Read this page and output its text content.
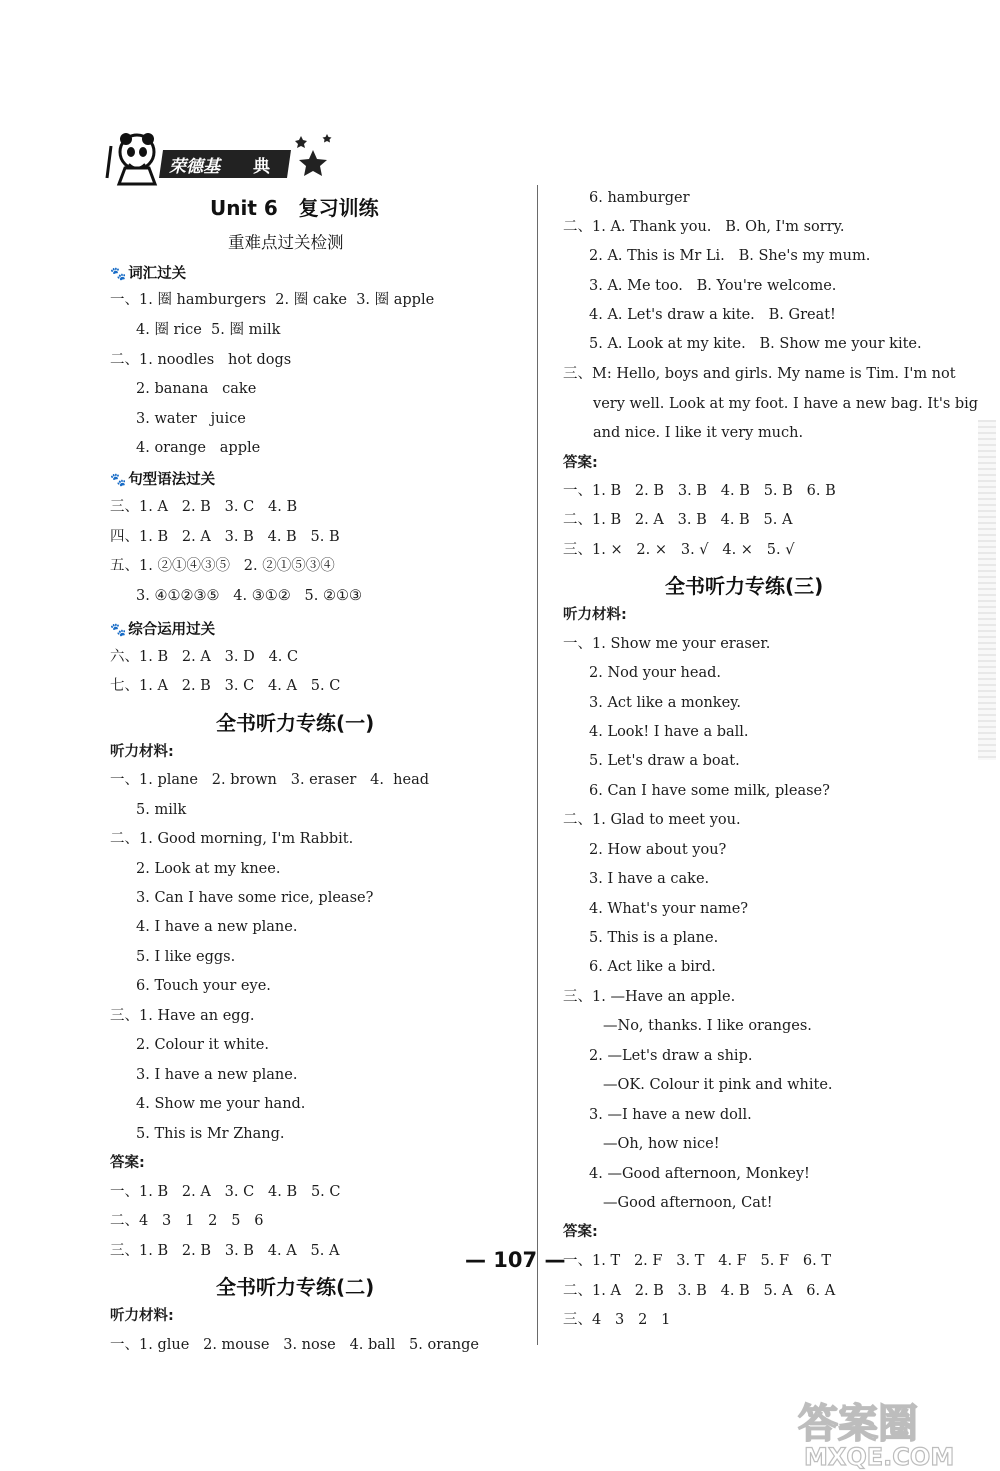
荣德基 典
Unit 6   复习训练
重难点过关检测
🐾 词汇过关
一、1. 圈 hamburgers  2. 圈 cake  3. 圈 apple
4. 圈 rice  5. 圈 milk
二、1. noodles   hot dogs
2. banana   cake
3. water   juice
4. orange   apple
🐾 句型语法过关
三、1. A   2. B   3. C   4. B
四、1. B   2. A   3. B   4. B   5. B
五、1. ②①④③⑤   2. ②①⑤③④
3. ④①②③⑤   4. ③①②   5. ②①③
🐾 综合运用过关
六、1. B   2. A   3. D   4. C
七、1. A   2. B   3. C   4. A   5. C
全书听力专练(一)
听力材料:
一、1. plane   2. brown   3. eraser   4.  head
5. milk
二、1. Good morning, I'm Rabbit.
2. Look at my knee.
3. Can I have some rice, please?
4. I have a new plane.
5. I like eggs.
6. Touch your eye.
三、1. Have an egg.
2. Colour it white.
3. I have a new plane.
4. Show me your hand.
5. This is Mr Zhang.
答案:
一、1. B   2. A   3. C   4. B   5. C
二、4   3   1   2   5   6
三、1. B   2. B   3. B   4. A   5. A
全书听力专练(二)
听力材料:
一、1. glue   2. mouse   3. nose   4. ball   5. orange
6. hamburger
二、1. A. Thank you.   B. Oh, I'm sorry.
2. A. This is Mr Li.   B. She's my mum.
3. A. Me too.   B. You're welcome.
4. A. Let's draw a kite.   B. Great!
5. A. Look at my kite.   B. Show me your kite.
三、M: Hello, boys and girls. My name is Tim. I'm not
very well. Look at my foot. I have a new bag. It's big
and nice. I like it very much.
答案:
一、1. B   2. B   3. B   4. B   5. B   6. B
二、1. B   2. A   3. B   4. B   5. A
三、1. ×   2. ×   3. √   4. ×   5. √
全书听力专练(三)
听力材料:
一、1. Show me your eraser.
2. Nod your head.
3. Act like a monkey.
4. Look! I have a ball.
5. Let's draw a boat.
6. Can I have some milk, please?
二、1. Glad to meet you.
2. How about you?
3. I have a cake.
4. What's your name?
5. This is a plane.
6. Act like a bird.
三、1. —Have an apple.
—No, thanks. I like oranges.
2. —Let's draw a ship.
—OK. Colour it pink and white.
3. —I have a new doll.
—Oh, how nice!
4. —Good afternoon, Monkey!
—Good afternoon, Cat!
答案:
一、1. T   2. F   3. T   4. F   5. F   6. T
二、1. A   2. B   3. B   4. B   5. A   6. A
三、4   3   2   1
— 107 —
答案圈
MXQE.COM
